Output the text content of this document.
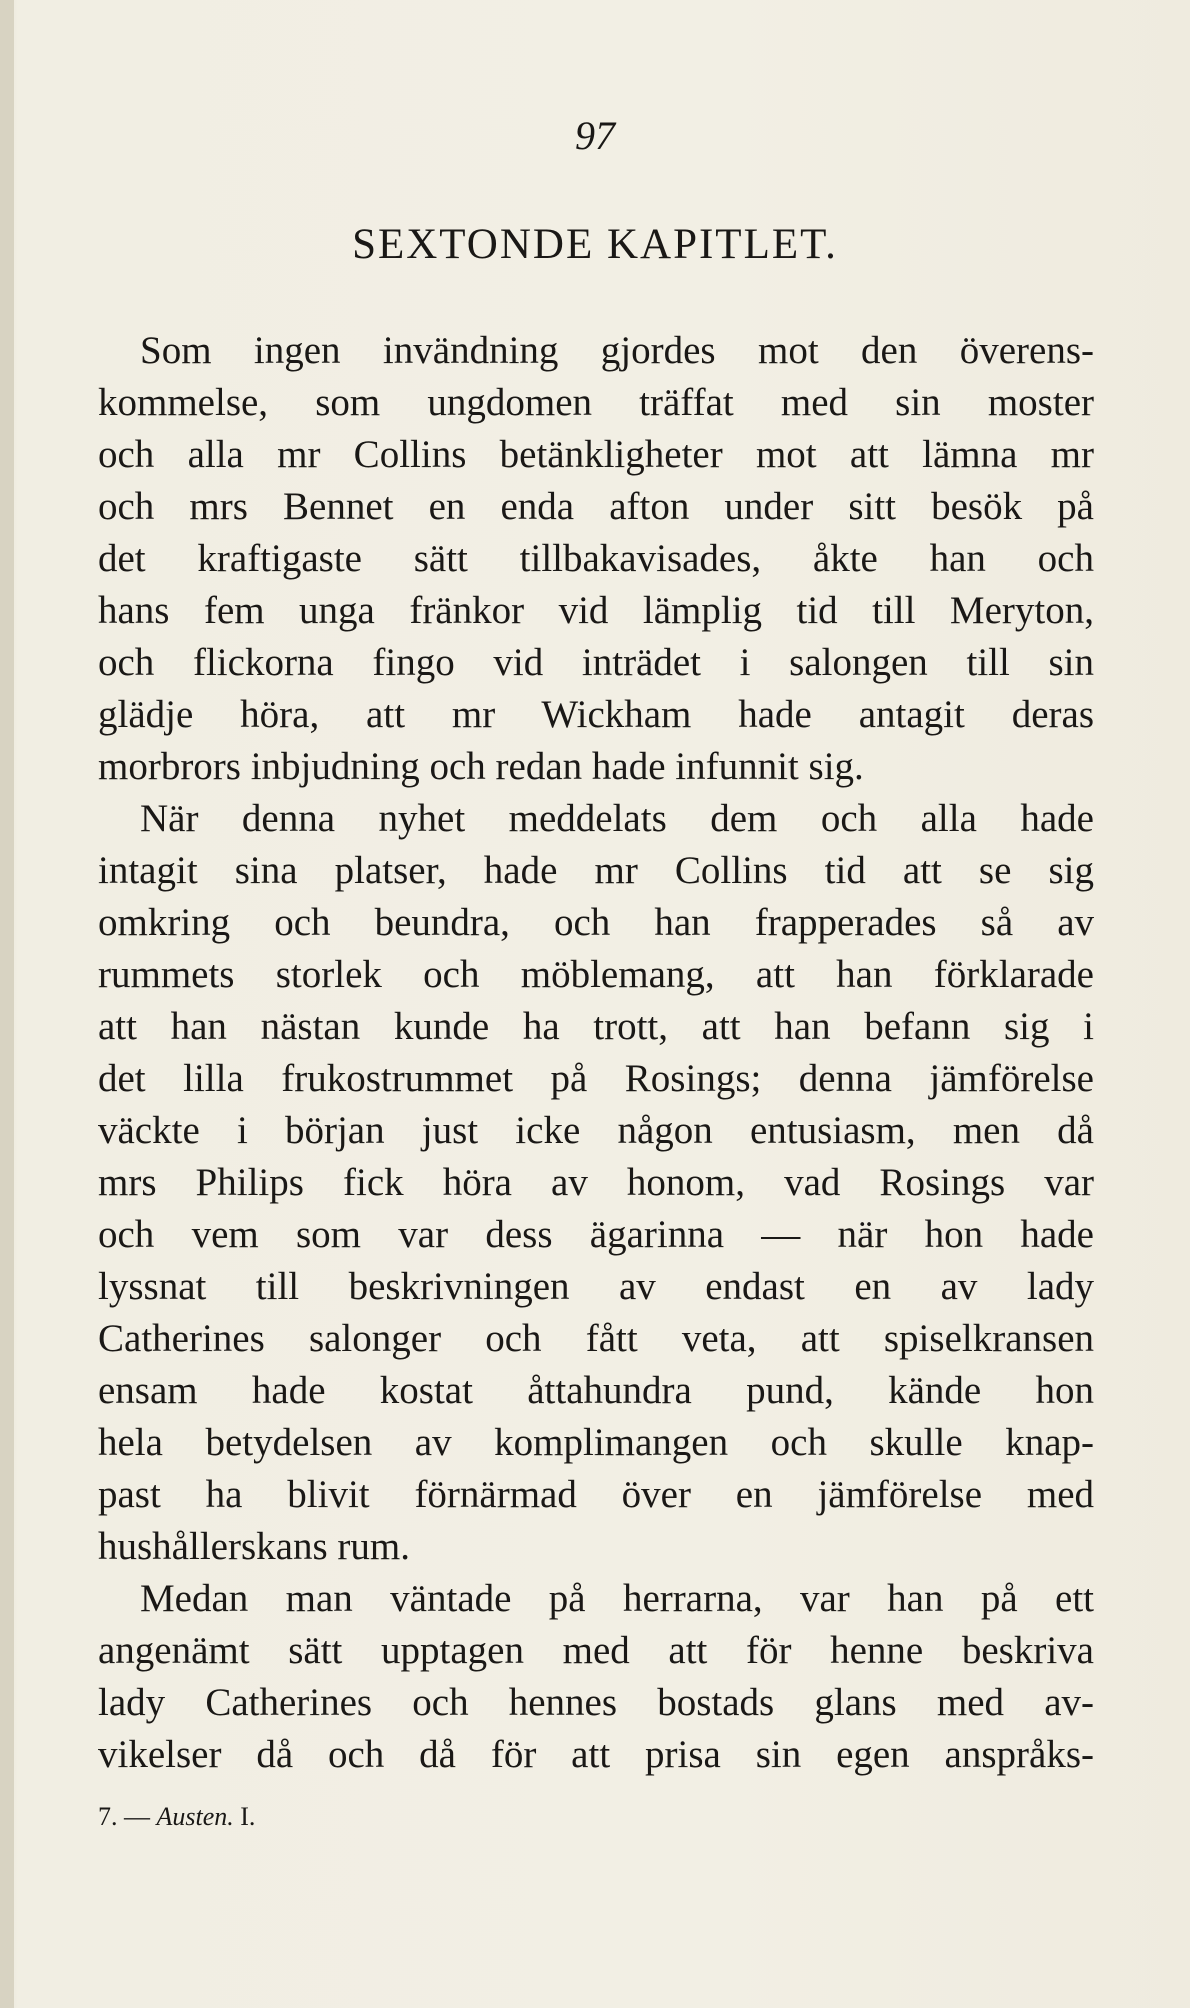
97
SEXTONDE KAPITLET.
Som ingen invändning gjordes mot den överens-
kommelse, som ungdomen träffat med sin moster
och alla mr Collins betänkligheter mot att lämna mr
och mrs Bennet en enda afton under sitt besök på
det kraftigaste sätt tillbakavisades, åkte han och
hans fem unga fränkor vid lämplig tid till Meryton,
och flickorna fingo vid inträdet i salongen till sin
glädje höra, att mr Wickham hade antagit deras
morbrors inbjudning och redan hade infunnit sig.
När denna nyhet meddelats dem och alla hade
intagit sina platser, hade mr Collins tid att se sig
omkring och beundra, och han frapperades så av
rummets storlek och möblemang, att han förklarade
att han nästan kunde ha trott, att han befann sig i
det lilla frukostrummet på Rosings; denna jämförelse
väckte i början just icke någon entusiasm, men då
mrs Philips fick höra av honom, vad Rosings var
och vem som var dess ägarinna — när hon hade
lyssnat till beskrivningen av endast en av lady
Catherines salonger och fått veta, att spiselkransen
ensam hade kostat åttahundra pund, kände hon
hela betydelsen av komplimangen och skulle knap-
past ha blivit förnärmad över en jämförelse med
hushållerskans rum.
Medan man väntade på herrarna, var han på ett
angenämt sätt upptagen med att för henne beskriva
lady Catherines och hennes bostads glans med av-
vikelser då och då för att prisa sin egen anspråks-
7. — Austen. I.
